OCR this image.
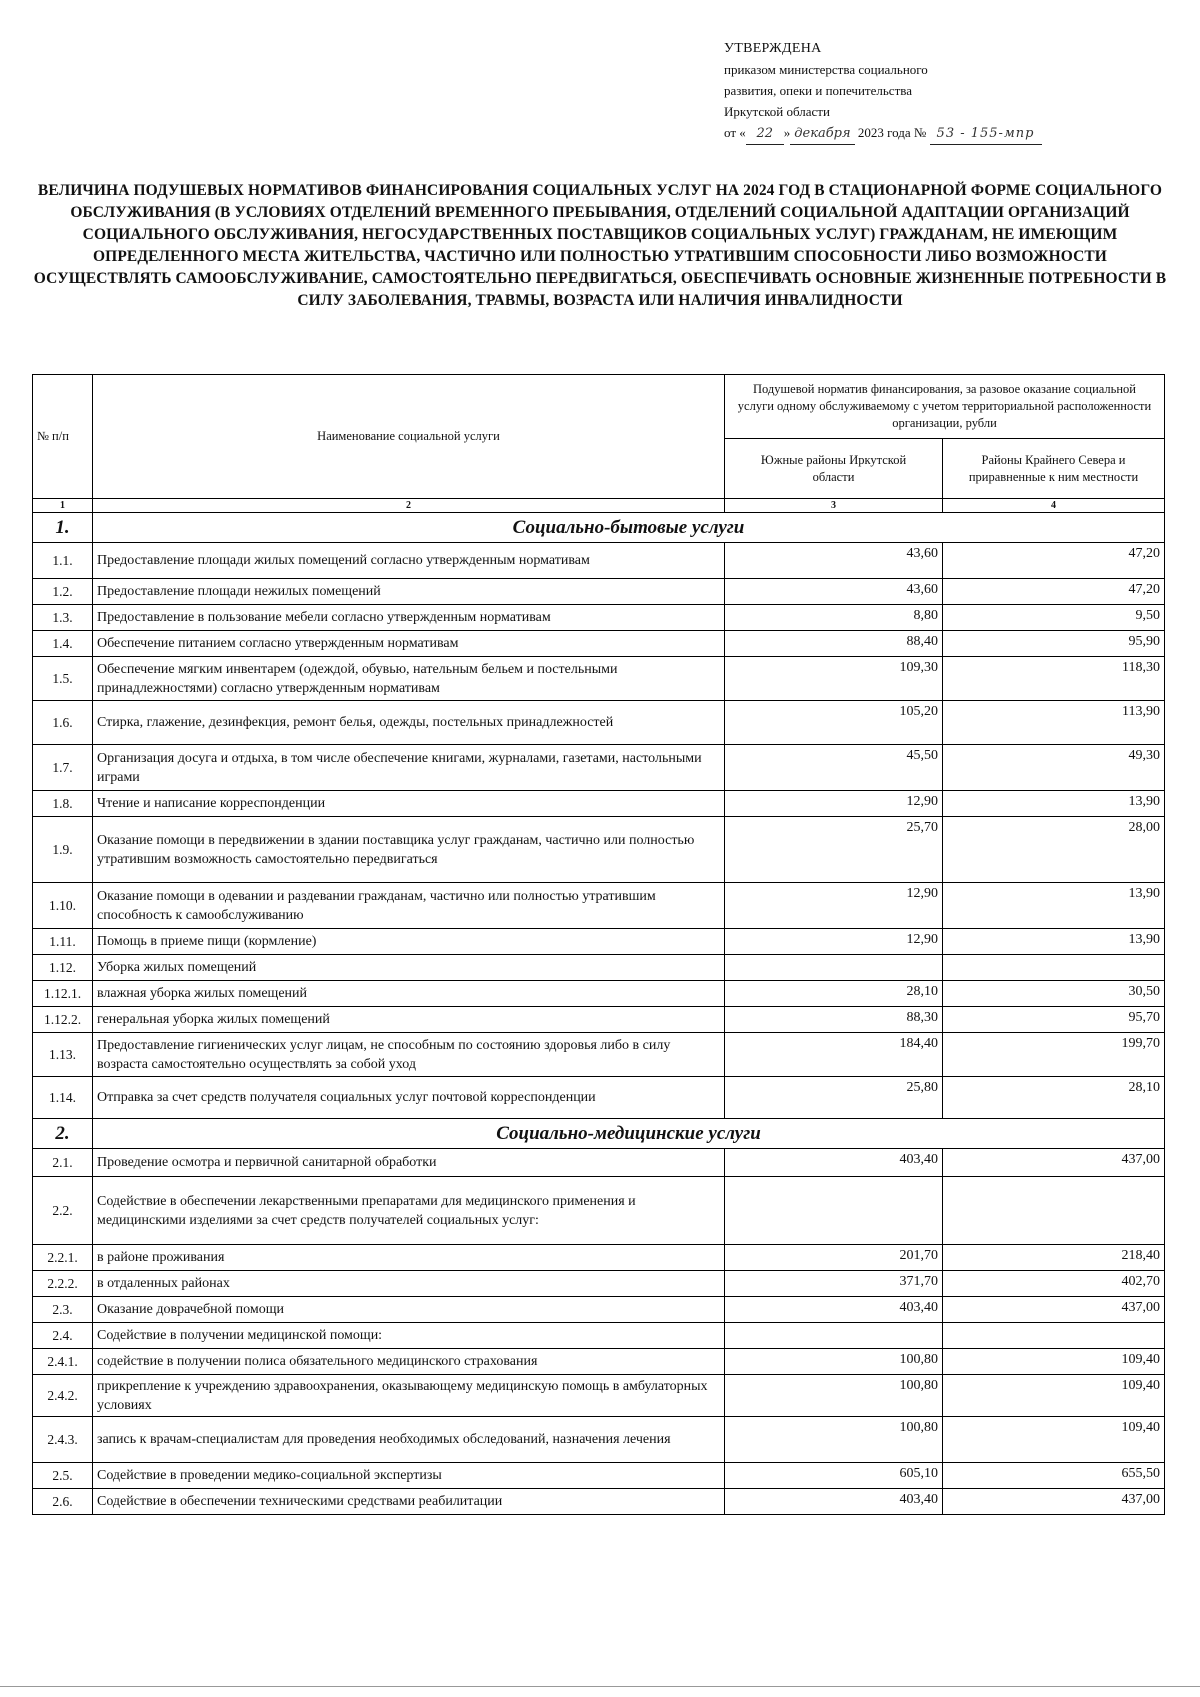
УТВЕРЖДЕНА
приказом министерства социального
развития, опеки и попечительства
Иркутской области
от « 22 » декабря 2023 года № 53 - 155-мпр
ВЕЛИЧИНА ПОДУШЕВЫХ НОРМАТИВОВ ФИНАНСИРОВАНИЯ СОЦИАЛЬНЫХ УСЛУГ НА 2024 ГОД В СТАЦИОНАРНОЙ ФОРМЕ СОЦИАЛЬНОГО ОБСЛУЖИВАНИЯ (В УСЛОВИЯХ ОТДЕЛЕНИЙ ВРЕМЕННОГО ПРЕБЫВАНИЯ, ОТДЕЛЕНИЙ СОЦИАЛЬНОЙ АДАПТАЦИИ ОРГАНИЗАЦИЙ СОЦИАЛЬНОГО ОБСЛУЖИВАНИЯ, НЕГОСУДАРСТВЕННЫХ ПОСТАВЩИКОВ СОЦИАЛЬНЫХ УСЛУГ) ГРАЖДАНАМ, НЕ ИМЕЮЩИМ ОПРЕДЕЛЕННОГО МЕСТА ЖИТЕЛЬСТВА, ЧАСТИЧНО ИЛИ ПОЛНОСТЬЮ УТРАТИВШИМ СПОСОБНОСТИ ЛИБО ВОЗМОЖНОСТИ ОСУЩЕСТВЛЯТЬ САМООБСЛУЖИВАНИЕ, САМОСТОЯТЕЛЬНО ПЕРЕДВИГАТЬСЯ, ОБЕСПЕЧИВАТЬ ОСНОВНЫЕ ЖИЗНЕННЫЕ ПОТРЕБНОСТИ В СИЛУ ЗАБОЛЕВАНИЯ, ТРАВМЫ, ВОЗРАСТА ИЛИ НАЛИЧИЯ ИНВАЛИДНОСТИ
№ п/п	Наименование социальной услуги	Подушевой норматив финансирования, за разовое оказание социальной услуги одному обслуживаемому с учетом территориальной расположенности организации, рубли	
		Южные районы Иркутской области	Районы Крайнего Севера и приравненные к ним местности
1	2	3	4
1.	Социально-бытовые услуги		
1.1.	Предоставление площади жилых помещений согласно утвержденным нормативам	43,60	47,20
1.2.	Предоставление площади нежилых помещений	43,60	47,20
1.3.	Предоставление в пользование мебели согласно утвержденным нормативам	8,80	9,50
1.4.	Обеспечение питанием согласно утвержденным нормативам	88,40	95,90
1.5.	Обеспечение мягким инвентарем (одеждой, обувью, нательным бельем и постельными принадлежностями) согласно утвержденным нормативам	109,30	118,30
1.6.	Стирка, глажение, дезинфекция, ремонт белья, одежды, постельных принадлежностей	105,20	113,90
1.7.	Организация досуга и отдыха, в том числе обеспечение книгами, журналами, газетами, настольными играми	45,50	49,30
1.8.	Чтение и написание корреспонденции	12,90	13,90
1.9.	Оказание помощи в передвижении в здании поставщика услуг гражданам, частично или полностью утратившим возможность самостоятельно передвигаться	25,70	28,00
1.10.	Оказание помощи в одевании и раздевании гражданам, частично или полностью утратившим способность к самообслуживанию	12,90	13,90
1.11.	Помощь в приеме пищи (кормление)	12,90	13,90
1.12.	Уборка жилых помещений		
1.12.1.	влажная уборка жилых помещений	28,10	30,50
1.12.2.	генеральная уборка жилых помещений	88,30	95,70
1.13.	Предоставление гигиенических услуг лицам, не способным по состоянию здоровья либо в силу возраста самостоятельно осуществлять за собой уход	184,40	199,70
1.14.	Отправка за счет средств получателя социальных услуг почтовой корреспонденции	25,80	28,10
2.	Социально-медицинские услуги		
2.1.	Проведение осмотра и первичной санитарной обработки	403,40	437,00
2.2.	Содействие в обеспечении лекарственными препаратами для медицинского применения и медицинскими изделиями за счет средств получателей социальных услуг:		
2.2.1.	в районе проживания	201,70	218,40
2.2.2.	в отдаленных районах	371,70	402,70
2.3.	Оказание доврачебной помощи	403,40	437,00
2.4.	Содействие в получении медицинской помощи:		
2.4.1.	содействие в получении полиса обязательного медицинского страхования	100,80	109,40
2.4.2.	прикрепление к учреждению здравоохранения, оказывающему медицинскую помощь в амбулаторных условиях	100,80	109,40
2.4.3.	запись к врачам-специалистам для проведения необходимых обследований, назначения лечения	100,80	109,40
2.5.	Содействие в проведении медико-социальной экспертизы	605,10	655,50
2.6.	Содействие в обеспечении техническими средствами реабилитации	403,40	437,00
